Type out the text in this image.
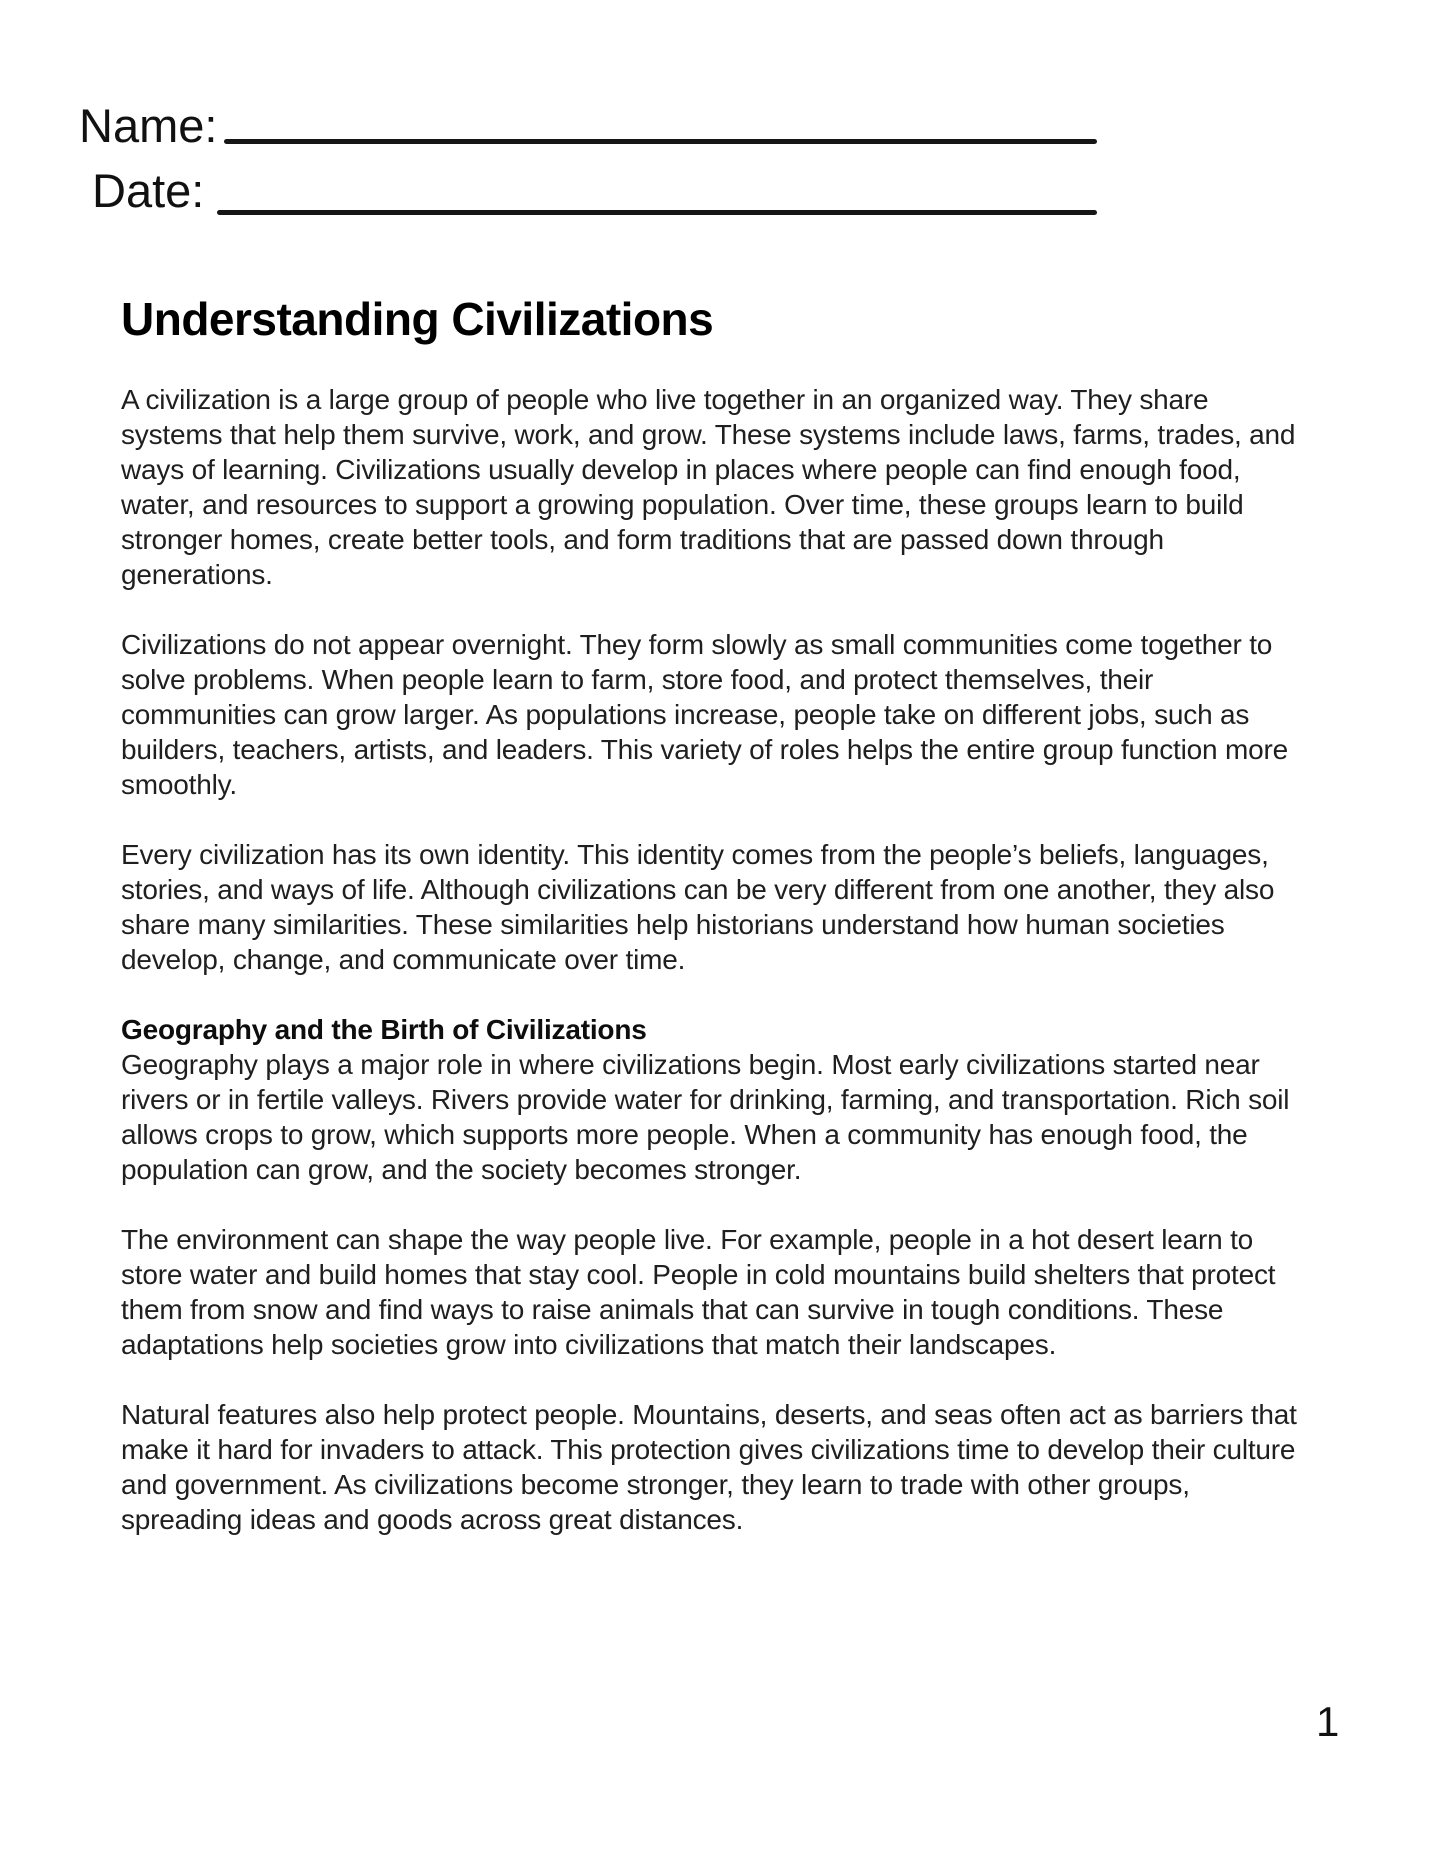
Name:
Date:
Understanding Civilizations

A civilization is a large group of people who live together in an organized way. They share systems that help them survive, work, and grow. These systems include laws, farms, trades, and ways of learning. Civilizations usually develop in places where people can find enough food, water, and resources to support a growing population. Over time, these groups learn to build stronger homes, create better tools, and form traditions that are passed down through generations.

Civilizations do not appear overnight. They form slowly as small communities come together to solve problems. When people learn to farm, store food, and protect themselves, their communities can grow larger. As populations increase, people take on different jobs, such as builders, teachers, artists, and leaders. This variety of roles helps the entire group function more smoothly.

Every civilization has its own identity. This identity comes from the people’s beliefs, languages, stories, and ways of life. Although civilizations can be very different from one another, they also share many similarities. These similarities help historians understand how human societies develop, change, and communicate over time.

Geography and the Birth of Civilizations

Geography plays a major role in where civilizations begin. Most early civilizations started near rivers or in fertile valleys. Rivers provide water for drinking, farming, and transportation. Rich soil allows crops to grow, which supports more people. When a community has enough food, the population can grow, and the society becomes stronger.

The environment can shape the way people live. For example, people in a hot desert learn to store water and build homes that stay cool. People in cold mountains build shelters that protect them from snow and find ways to raise animals that can survive in tough conditions. These adaptations help societies grow into civilizations that match their landscapes.

Natural features also help protect people. Mountains, deserts, and seas often act as barriers that make it hard for invaders to attack. This protection gives civilizations time to develop their culture and government. As civilizations become stronger, they learn to trade with other groups, spreading ideas and goods across great distances.

1
